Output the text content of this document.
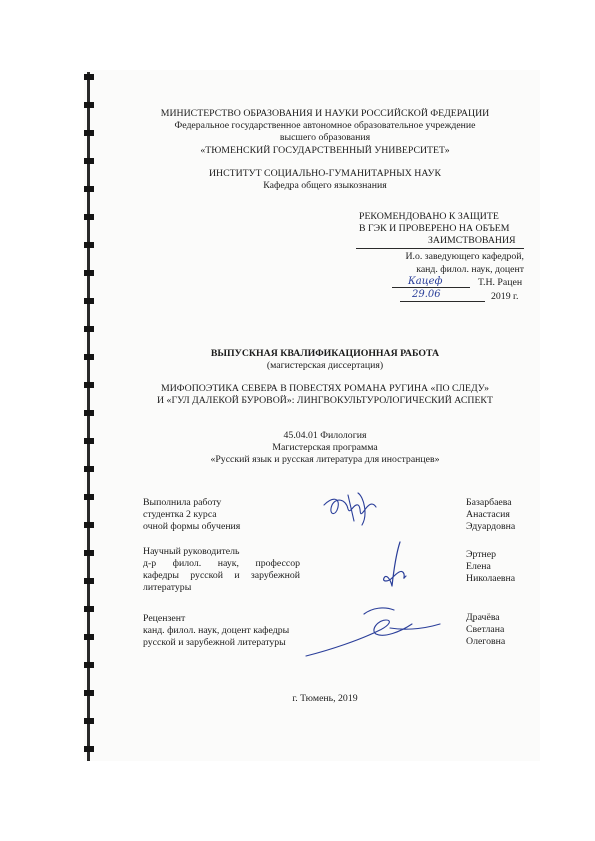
МИНИСТЕРСТВО ОБРАЗОВАНИЯ И НАУКИ РОССИЙСКОЙ ФЕДЕРАЦИИ
Федеральное государственное автономное образовательное учреждение
высшего образования
«ТЮМЕНСКИЙ ГОСУДАРСТВЕННЫЙ УНИВЕРСИТЕТ»
ИНСТИТУТ СОЦИАЛЬНО-ГУМАНИТАРНЫХ НАУК
Кафедра общего языкознания
РЕКОМЕНДОВАНО К ЗАЩИТЕ
В ГЭК И ПРОВЕРЕНО НА ОБЪЕМ
ЗАИМСТВОВАНИЯ
И.о. заведующего кафедрой,
канд. филол. наук, доцент
Т.Н. Рацен
Кацеф
29.06	2019 г.
ВЫПУСКНАЯ КВАЛИФИКАЦИОННАЯ РАБОТА
(магистерская диссертация)
МИФОПОЭТИКА СЕВЕРА В ПОВЕСТЯХ РОМАНА РУГИНА «ПО СЛЕДУ»
И «ГУЛ ДАЛЕКОЙ БУРОВОЙ»: ЛИНГВОКУЛЬТУРОЛОГИЧЕСКИЙ АСПЕКТ
45.04.01 Филология
Магистерская программа
«Русский язык и русская литература для иностранцев»
Выполнила работу
студентка 2 курса
очной формы обучения
Базарбаева
Анастасия
Эдуардовна
Научный руководитель
д-р филол. наук, профессор
кафедры русской и зарубежной
литературы
Эртнер
Елена
Николаевна
Рецензент
канд. филол. наук, доцент кафедры
русской и зарубежной литературы
Драчёва
Светлана
Олеговна
г. Тюмень, 2019
